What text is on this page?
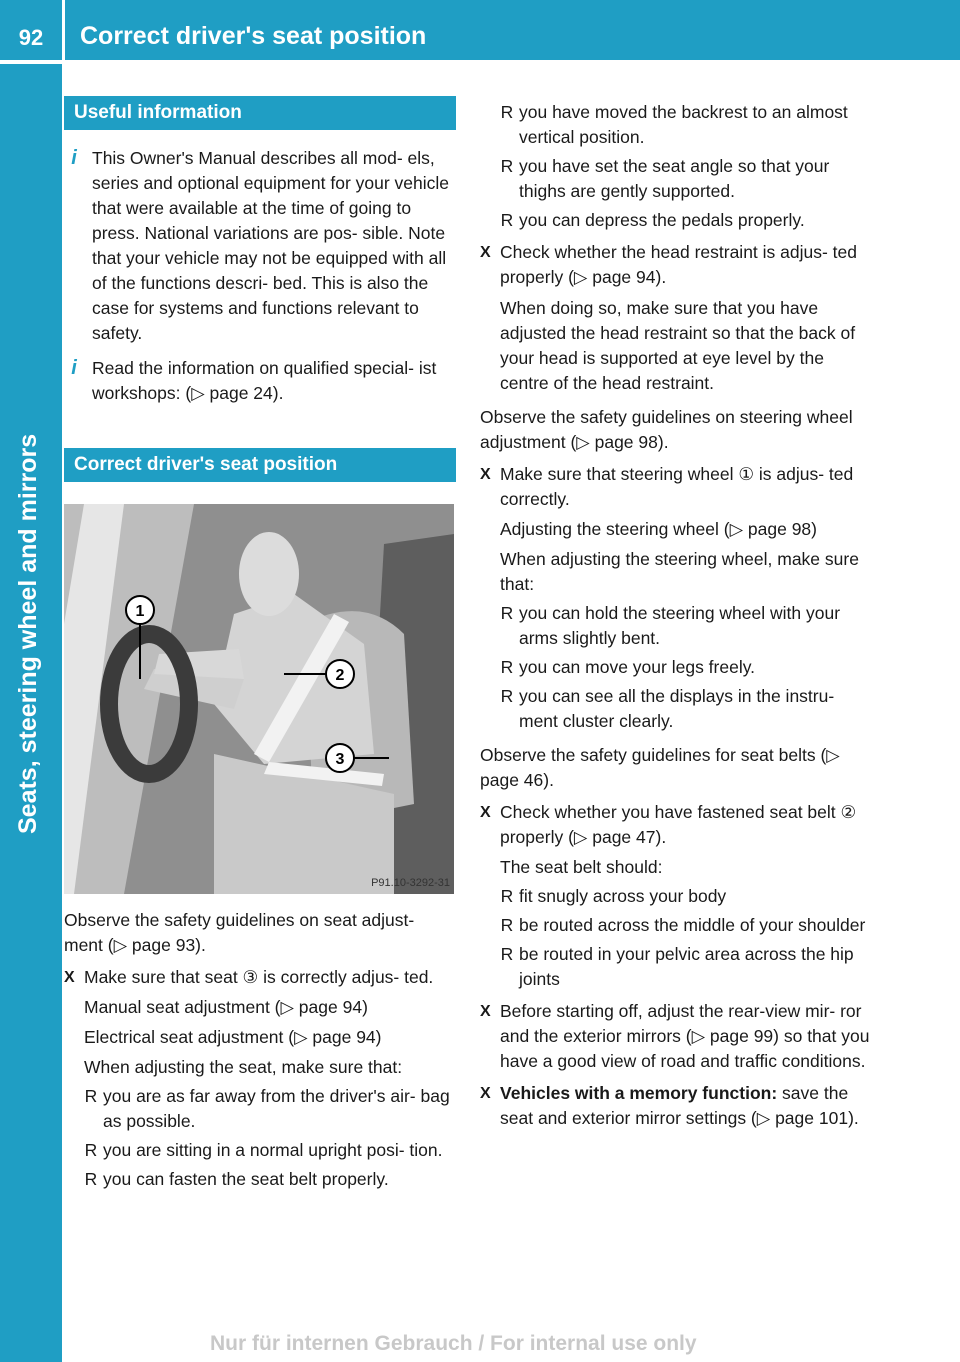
92	Correct driver's seat position
Seats, steering wheel and mirrors
Useful information
i This Owner's Manual describes all mod- els, series and optional equipment for your vehicle that were available at the time of going to press. National variations are pos- sible. Note that your vehicle may not be equipped with all of the functions descri- bed. This is also the case for systems and functions relevant to safety.

i Read the information on qualified special- ist workshops: (▷ page 24).

Correct driver's seat position
1
2
3
P91.10-3292-31

Observe the safety guidelines on seat adjust- ment (▷ page 93).

X Make sure that seat ③ is correctly adjus- ted.
Manual seat adjustment (▷ page 94)
Electrical seat adjustment (▷ page 94)
When adjusting the seat, make sure that:
R you are as far away from the driver's air- bag as possible.
R you are sitting in a normal upright posi- tion.
R you can fasten the seat belt properly.
R you have moved the backrest to an almost vertical position.
R you have set the seat angle so that your thighs are gently supported.
R you can depress the pedals properly.
X Check whether the head restraint is adjus- ted properly (▷ page 94).
When doing so, make sure that you have adjusted the head restraint so that the back of your head is supported at eye level by the centre of the head restraint.

Observe the safety guidelines on steering wheel adjustment (▷ page 98).

X Make sure that steering wheel ① is adjus- ted correctly.
Adjusting the steering wheel (▷ page 98)
When adjusting the steering wheel, make sure that:
R you can hold the steering wheel with your arms slightly bent.
R you can move your legs freely.
R you can see all the displays in the instru- ment cluster clearly.

Observe the safety guidelines for seat belts (▷ page 46).

X Check whether you have fastened seat belt ② properly (▷ page 47).
The seat belt should:
R fit snugly across your body
R be routed across the middle of your shoulder
R be routed in your pelvic area across the hip joints
X Before starting off, adjust the rear-view mir- ror and the exterior mirrors (▷ page 99) so that you have a good view of road and traffic conditions.
X Vehicles with a memory function: save the seat and exterior mirror settings (▷ page 101).
Nur für internen Gebrauch / For internal use only
